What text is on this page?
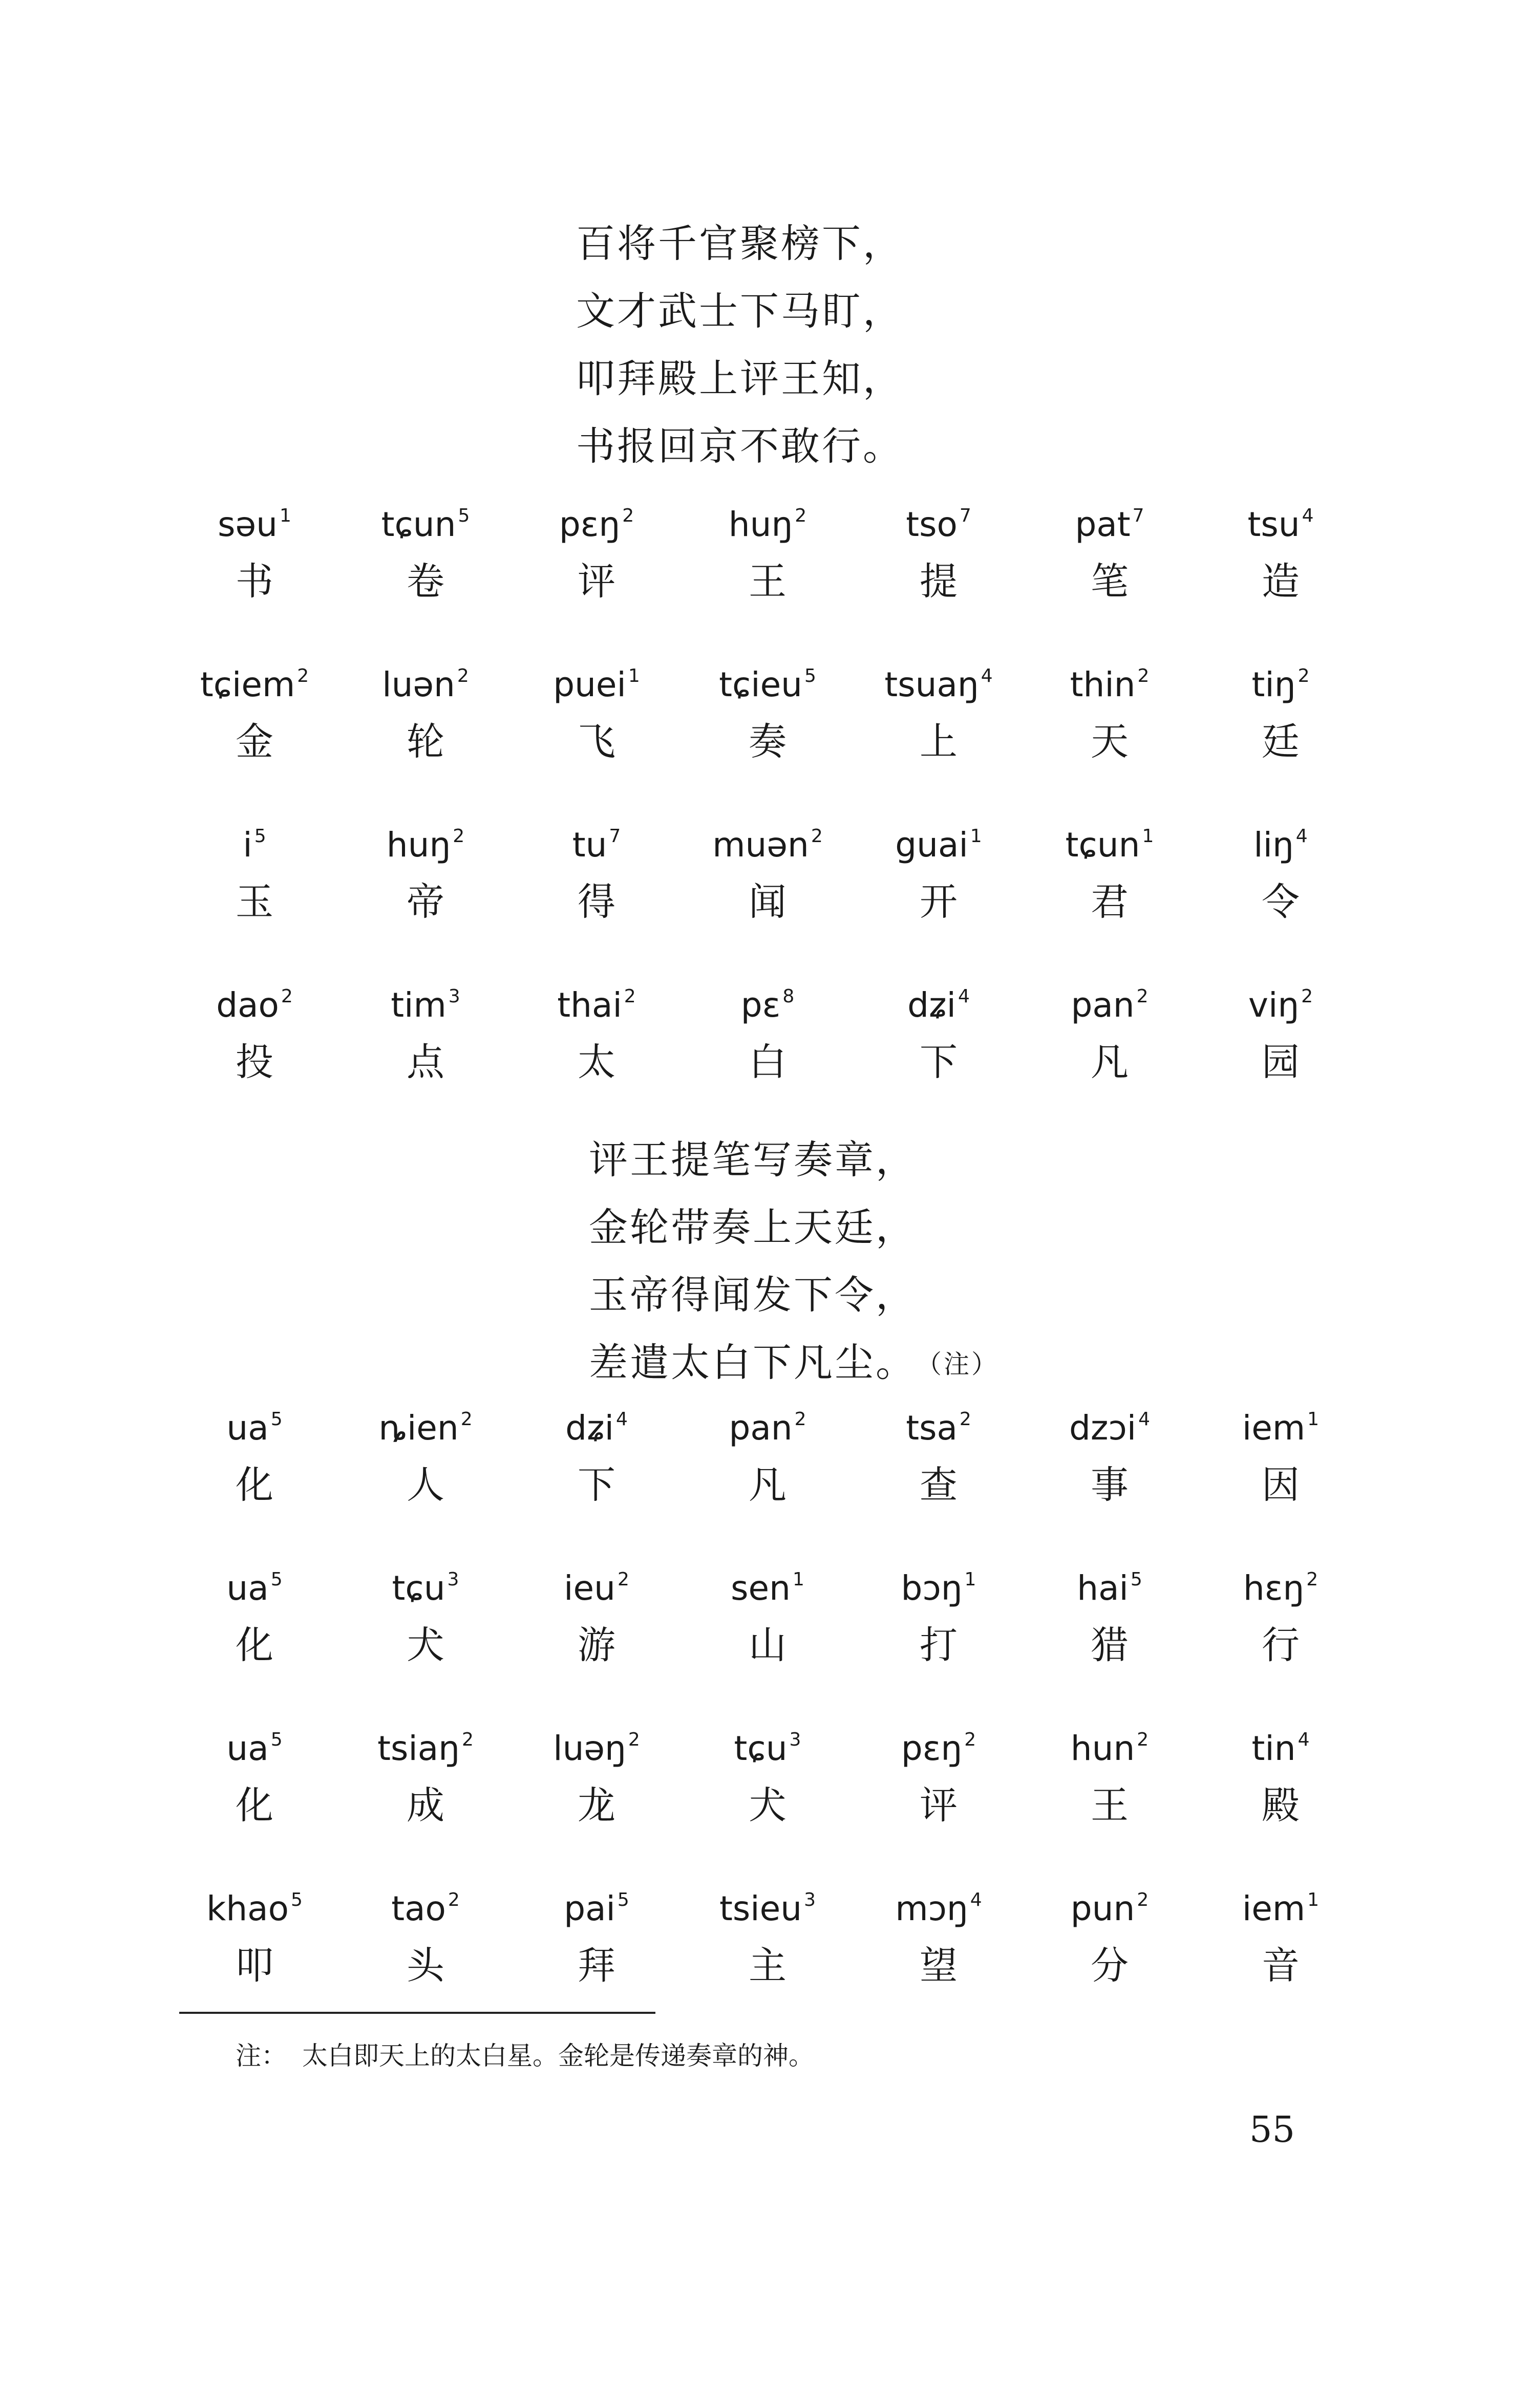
百将千官聚榜下，
文才武士下马盯，
叩拜殿上评王知，
书报回京不敢行。
səu $^1$
书
tɕun $^5$
卷
pɛŋ $^2$
评
huŋ $^2$
王
tso $^7$
提
pat $^7$
笔
tsu $^4$
造
tɕiem $^2$
金
luən $^2$
轮
puei $^1$
飞
tɕieu $^5$
奏
tsuaŋ $^4$
上
thin $^2$
天
tiŋ $^2$
廷
i $^5$
玉
huŋ $^2$
帝
tu $^7$
得
muən $^2$
闻
guai $^1$
开
tɕun $^1$
君
liŋ $^4$
令
dao $^2$
投
tim $^3$
点
thai $^2$
太
pɛ $^8$
白
dʑi $^4$
下
pan $^2$
凡
viŋ $^2$
园
评王提笔写奏章，
金轮带奏上天廷，
玉帝得闻发下令，
差遣太白下凡尘。 （注）
ua $^5$
化
ȵien $^2$
人
dʑi $^4$
下
pan $^2$
凡
tsa $^2$
查
dzɔi $^4$
事
iem $^1$
因
ua $^5$
化
tɕu $^3$
犬
ieu $^2$
游
sen $^1$
山
bɔŋ $^1$
打
hai $^5$
猎
hɛŋ $^2$
行
ua $^5$
化
tsiaŋ $^2$
成
luəŋ $^2$
龙
tɕu $^3$
犬
pɛŋ $^2$
评
hun $^2$
王
tin $^4$
殿
khao $^5$
叩
tao $^2$
头
pai $^5$
拜
tsieu $^3$
主
mɔŋ $^4$
望
pun $^2$
分
iem $^1$
音
注： 太白即天上的太白星。金轮是传递奏章的神。
55
